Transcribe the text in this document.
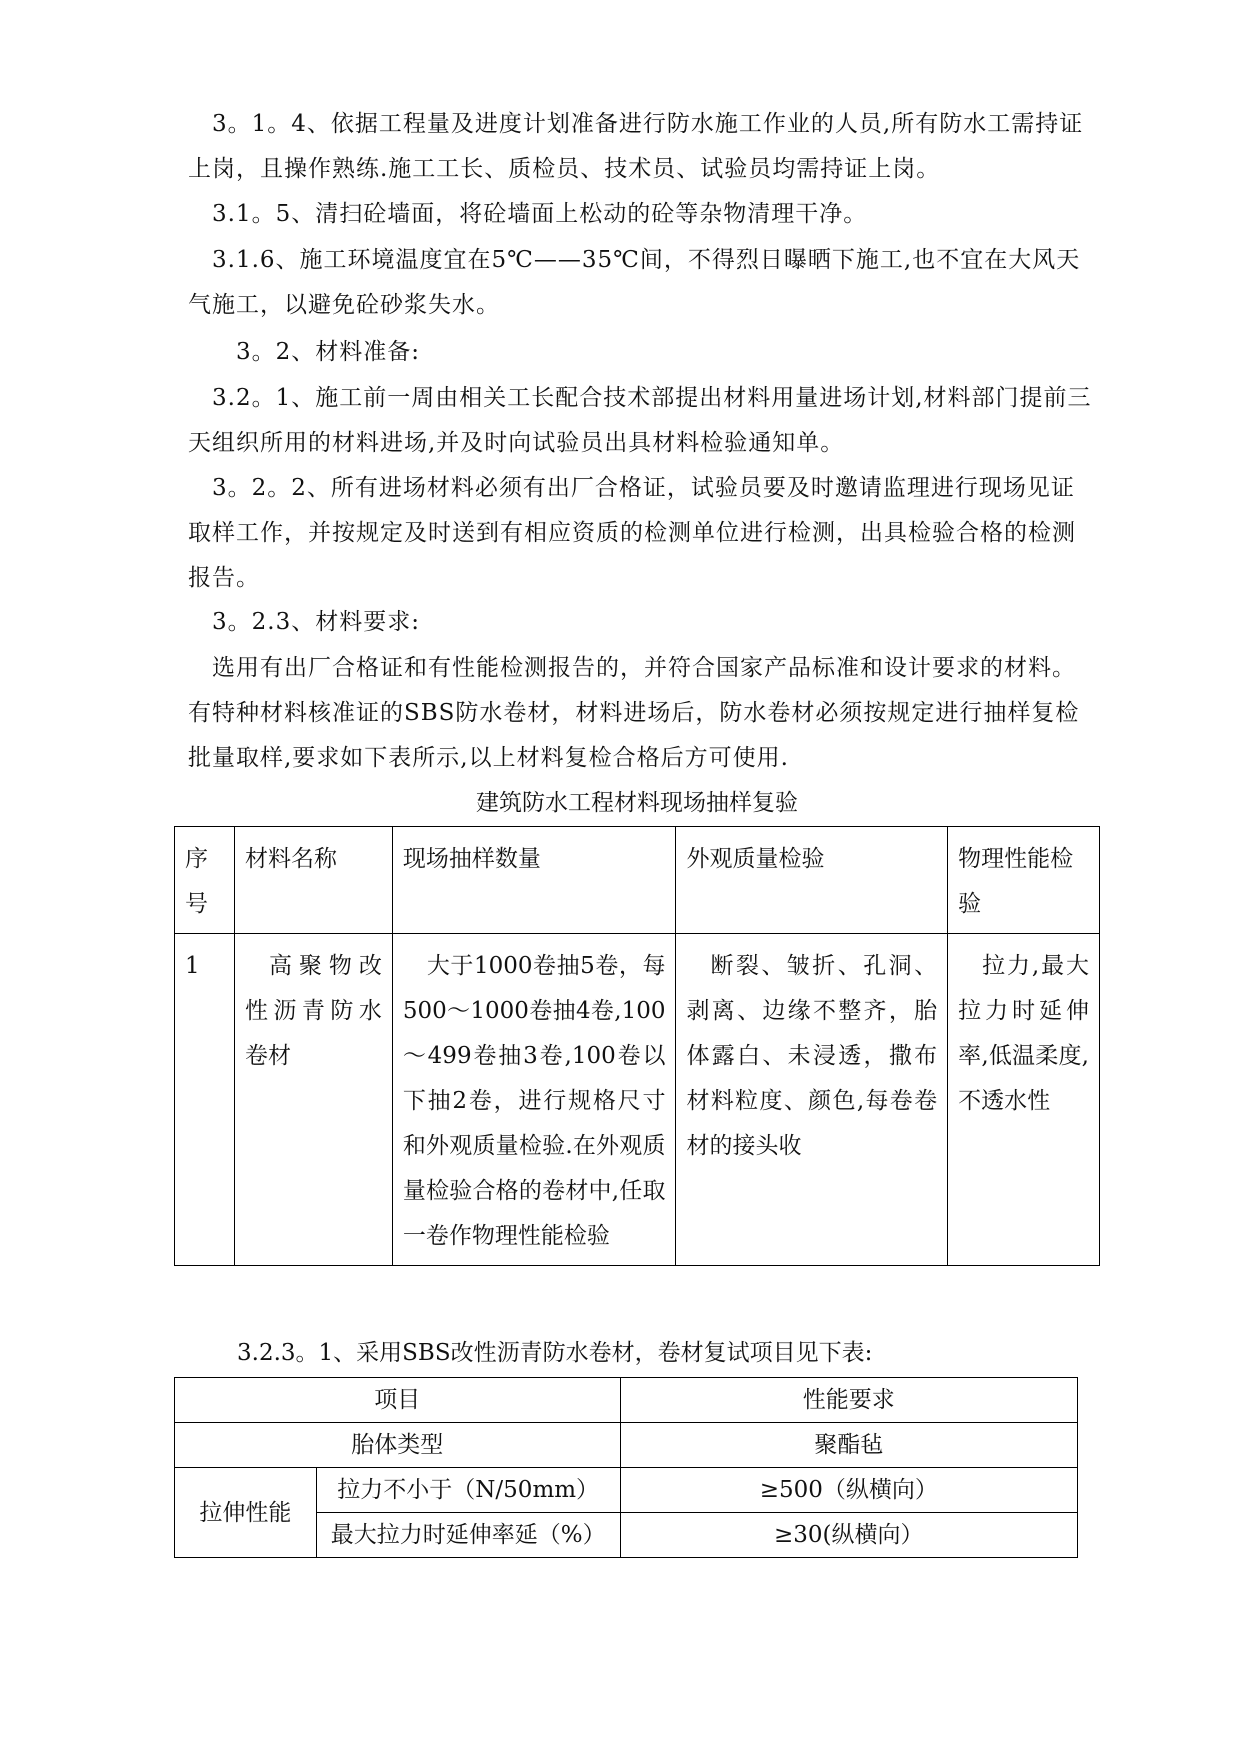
3。1。4、依据工程量及进度计划准备进行防水施工作业的人员,所有防水工需持证上岗，且操作熟练.施工工长、质检员、技术员、试验员均需持证上岗。

3.1。5、清扫砼墙面，将砼墙面上松动的砼等杂物清理干净。

3.1.6、施工环境温度宜在5℃——35℃间，不得烈日曝晒下施工,也不宜在大风天气施工，以避免砼砂浆失水。

3。2、材料准备:

3.2。1、施工前一周由相关工长配合技术部提出材料用量进场计划,材料部门提前三天组织所用的材料进场,并及时向试验员出具材料检验通知单。

3。2。2、所有进场材料必须有出厂合格证，试验员要及时邀请监理进行现场见证取样工作，并按规定及时送到有相应资质的检测单位进行检测，出具检验合格的检测报告。

3。2.3、材料要求:

选用有出厂合格证和有性能检测报告的，并符合国家产品标准和设计要求的材料。有特种材料核准证的SBS防水卷材，材料进场后，防水卷材必须按规定进行抽样复检批量取样,要求如下表所示,以上材料复检合格后方可使用.

建筑防水工程材料现场抽样复验
序号	材料名称	现场抽样数量	外观质量检验	物理性能检验
1	高聚物改性沥青防水卷材	大于1000卷抽5卷，每500～1000卷抽4卷,100～499卷抽3卷,100卷以下抽2卷，进行规格尺寸和外观质量检验.在外观质量检验合格的卷材中,任取一卷作物理性能检验	断裂、皱折、孔洞、剥离、边缘不整齐，胎体露白、未浸透，撒布材料粒度、颜色,每卷卷材的接头收	拉力,最大拉力时延伸率,低温柔度,不透水性
3.2.3。1、采用SBS改性沥青防水卷材，卷材复试项目见下表:
项目		性能要求
胎体类型		聚酯毡
拉伸性能	拉力不小于（N/50mm）	≥500（纵横向）
	最大拉力时延伸率延（%）	≥30(纵横向）
